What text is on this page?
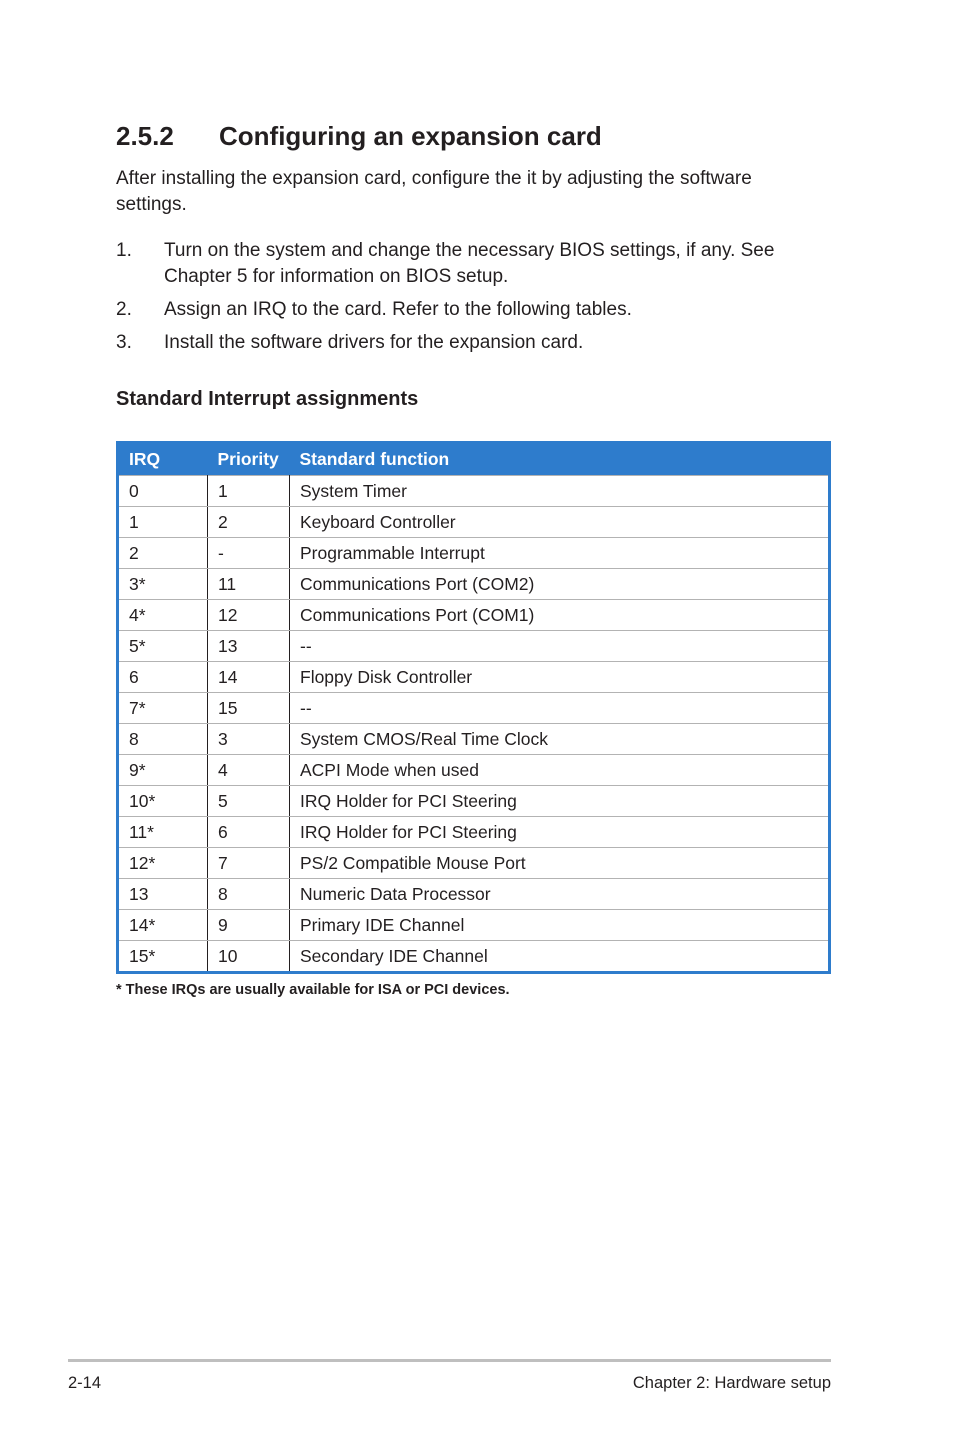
2.5.2 Configuring an expansion card

After installing the expansion card, configure the it by adjusting the software settings.

1.	Turn on the system and change the necessary BIOS settings, if any. See Chapter 5 for information on BIOS setup.
2.	Assign an IRQ to the card. Refer to the following tables.
3.	Install the software drivers for the expansion card.
Standard Interrupt assignments
IRQ	Priority	Standard function
0	1	System Timer
1	2	Keyboard Controller
2	-	Programmable Interrupt
3*	11	Communications Port (COM2)
4*	12	Communications Port (COM1)
5*	13	--
6	14	Floppy Disk Controller
7*	15	--
8	3	System CMOS/Real Time Clock
9*	4	ACPI Mode when used
10*	5	IRQ Holder for PCI Steering
11*	6	IRQ Holder for PCI Steering
12*	7	PS/2 Compatible Mouse Port
13	8	Numeric Data Processor
14*	9	Primary IDE Channel
15*	10	Secondary IDE Channel

* These IRQs are usually available for ISA or PCI devices.

2-14	Chapter 2: Hardware setup
